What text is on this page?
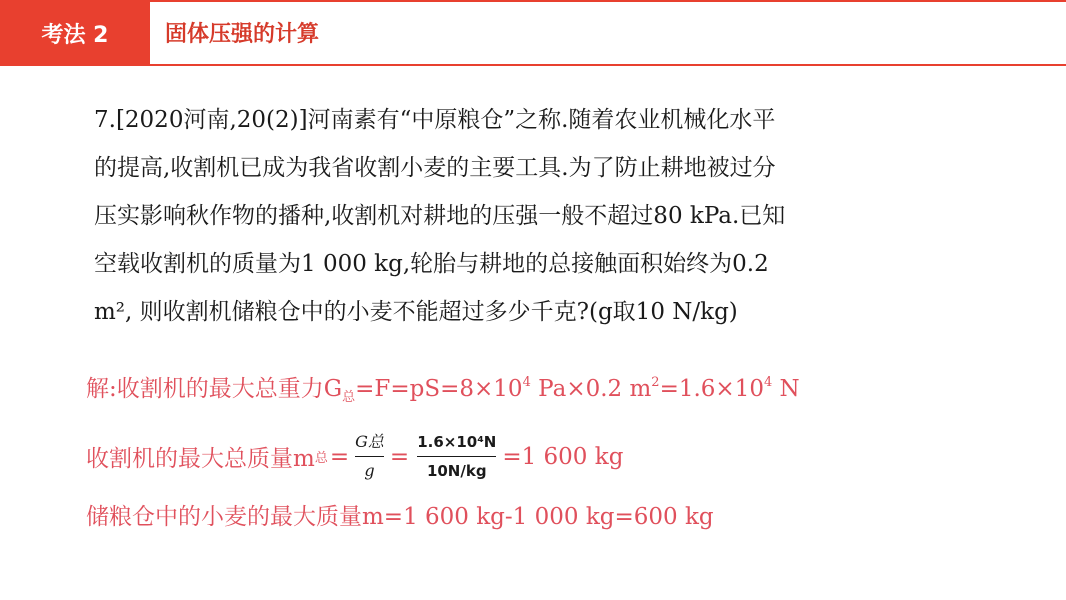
考法 2	固体压强的计算
7.[2020河南,20(2)]河南素有“中原粮仓”之称.随着农业机械化水平
的提高,收割机已成为我省收割小麦的主要工具.为了防止耕地被过分
压实影响秋作物的播种,收割机对耕地的压强一般不超过80 kPa.已知
空载收割机的质量为1 000 kg,轮胎与耕地的总接触面积始终为0.2
m², 则收割机储粮仓中的小麦不能超过多少千克?(g取10 N/kg)
解:收割机的最大总重力$G_总=F=pS=8\times 10^4$ Pa×0.2 $m^2=1.6\times 10^4$ N
收割机的最大总质量m 总 = $\frac{\text{G总}}{g} = \frac{\text{1.6×10⁴N}}{10N/kg} =1$ 600 kg
储粮仓中的小麦的最大质量m=1 600 kg-1 000 kg=600 kg
